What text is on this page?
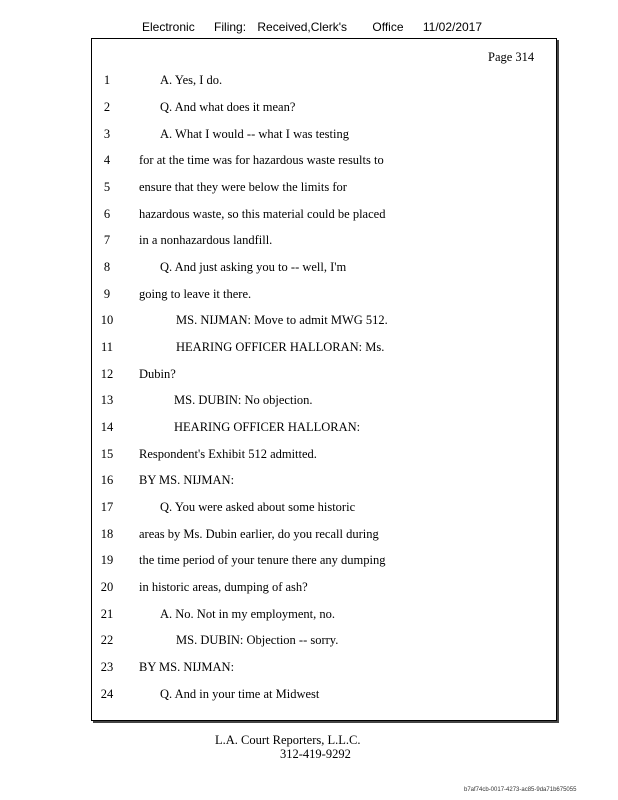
Electronic Filing: Received,Clerk's Office 11/02/2017
Page 314
1	A. Yes, I do.
2	Q. And what does it mean?
3	A. What I would -- what I was testing
4	for at the time was for hazardous waste results to
5	ensure that they were below the limits for
6	hazardous waste, so this material could be placed
7	in a nonhazardous landfill.
8	Q. And just asking you to -- well, I'm
9	going to leave it there.
10	MS. NIJMAN: Move to admit MWG 512.
11	HEARING OFFICER HALLORAN: Ms.
12	Dubin?
13	MS. DUBIN: No objection.
14	HEARING OFFICER HALLORAN:
15	Respondent's Exhibit 512 admitted.
16	BY MS. NIJMAN:
17	Q. You were asked about some historic
18	areas by Ms. Dubin earlier, do you recall during
19	the time period of your tenure there any dumping
20	in historic areas, dumping of ash?
21	A. No. Not in my employment, no.
22	MS. DUBIN: Objection -- sorry.
23	BY MS. NIJMAN:
24	Q. And in your time at Midwest
L.A. Court Reporters, L.L.C.
312-419-9292
b7af74cb-0017-4273-ac85-9da71b675055
